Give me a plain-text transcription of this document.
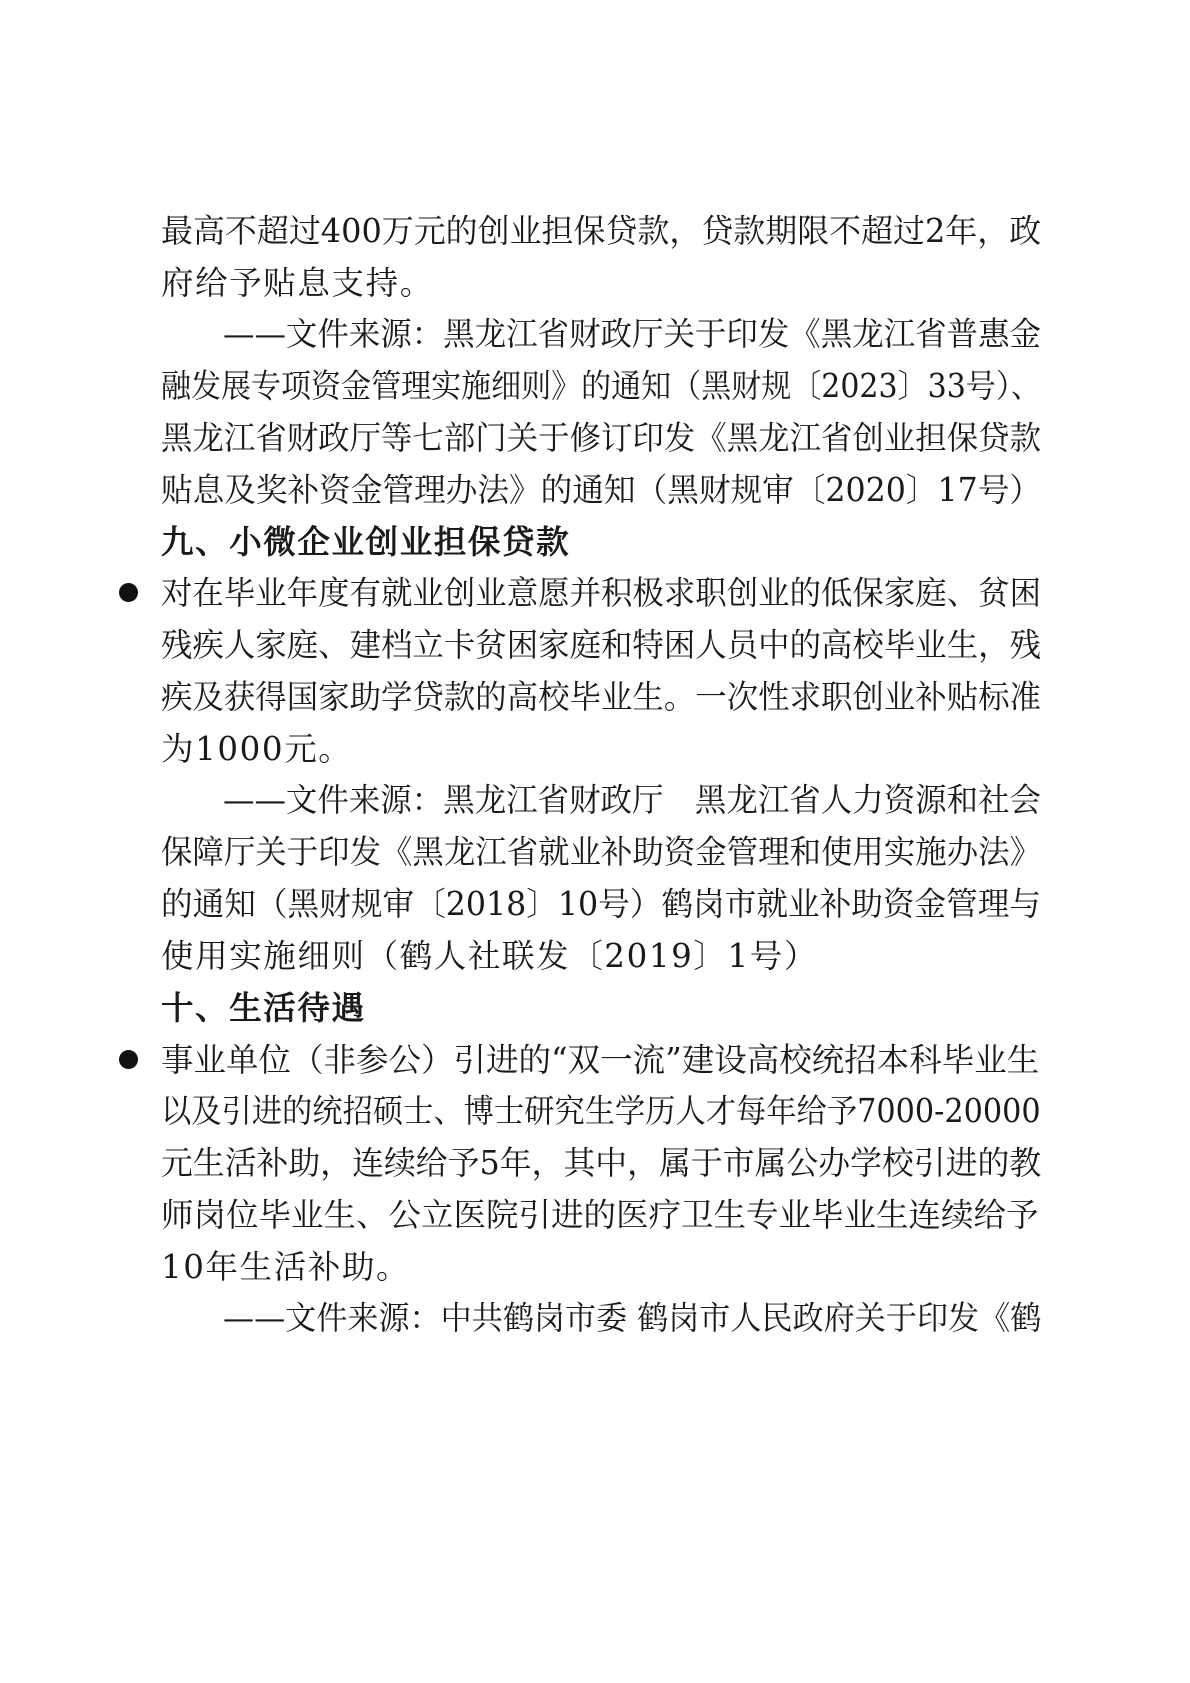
最高不超过400万元的创业担保贷款，贷款期限不超过2年，政
府给予贴息支持。
——文件来源：黑龙江省财政厅关于印发《黑龙江省普惠金
融发展专项资金管理实施细则》的通知（黑财规〔2023〕33号）、
黑龙江省财政厅等七部门关于修订印发《黑龙江省创业担保贷款
贴息及奖补资金管理办法》的通知（黑财规审〔2020〕17号）
九、小微企业创业担保贷款
对在毕业年度有就业创业意愿并积极求职创业的低保家庭、贫困
残疾人家庭、建档立卡贫困家庭和特困人员中的高校毕业生，残
疾及获得国家助学贷款的高校毕业生。一次性求职创业补贴标准
为1000元。
——文件来源：黑龙江省财政厅　黑龙江省人力资源和社会
保障厅关于印发《黑龙江省就业补助资金管理和使用实施办法》
的通知（黑财规审〔2018〕10号）鹤岗市就业补助资金管理与
使用实施细则（鹤人社联发〔2019〕1号）
十、生活待遇
事业单位（非参公）引进的“双一流”建设高校统招本科毕业生
以及引进的统招硕士、博士研究生学历人才每年给予7000-20000
元生活补助，连续给予5年，其中，属于市属公办学校引进的教
师岗位毕业生、公立医院引进的医疗卫生专业毕业生连续给予
10年生活补助。
——文件来源：中共鹤岗市委 鹤岗市人民政府关于印发《鹤
